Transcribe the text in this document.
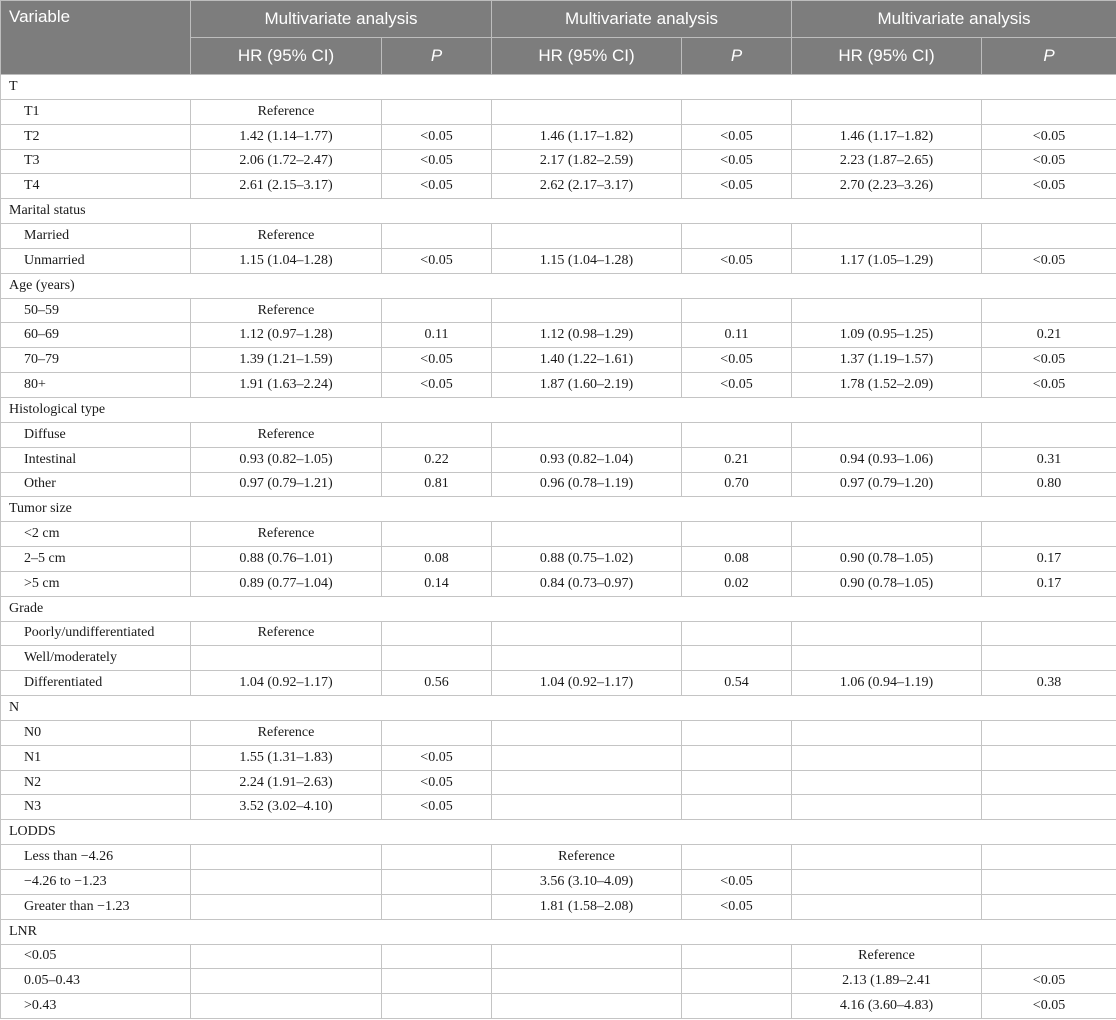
Variable	Multivariate analysis		Multivariate analysis		Multivariate analysis	
	HR (95% CI)	P	HR (95% CI)	P	HR (95% CI)	P
T						
T1	Reference					
T2	1.42 (1.14–1.77)	<0.05	1.46 (1.17–1.82)	<0.05	1.46 (1.17–1.82)	<0.05
T3	2.06 (1.72–2.47)	<0.05	2.17 (1.82–2.59)	<0.05	2.23 (1.87–2.65)	<0.05
T4	2.61 (2.15–3.17)	<0.05	2.62 (2.17–3.17)	<0.05	2.70 (2.23–3.26)	<0.05
Marital status						
Married	Reference					
Unmarried	1.15 (1.04–1.28)	<0.05	1.15 (1.04–1.28)	<0.05	1.17 (1.05–1.29)	<0.05
Age (years)						
50–59	Reference					
60–69	1.12 (0.97–1.28)	0.11	1.12 (0.98–1.29)	0.11	1.09 (0.95–1.25)	0.21
70–79	1.39 (1.21–1.59)	<0.05	1.40 (1.22–1.61)	<0.05	1.37 (1.19–1.57)	<0.05
80+	1.91 (1.63–2.24)	<0.05	1.87 (1.60–2.19)	<0.05	1.78 (1.52–2.09)	<0.05
Histological type						
Diffuse	Reference					
Intestinal	0.93 (0.82–1.05)	0.22	0.93 (0.82–1.04)	0.21	0.94 (0.93–1.06)	0.31
Other	0.97 (0.79–1.21)	0.81	0.96 (0.78–1.19)	0.70	0.97 (0.79–1.20)	0.80
Tumor size						
<2 cm	Reference					
2–5 cm	0.88 (0.76–1.01)	0.08	0.88 (0.75–1.02)	0.08	0.90 (0.78–1.05)	0.17
>5 cm	0.89 (0.77–1.04)	0.14	0.84 (0.73–0.97)	0.02	0.90 (0.78–1.05)	0.17
Grade						
Poorly/undifferentiated	Reference					
Well/moderately						
Differentiated	1.04 (0.92–1.17)	0.56	1.04 (0.92–1.17)	0.54	1.06 (0.94–1.19)	0.38
N						
N0	Reference					
N1	1.55 (1.31–1.83)	<0.05				
N2	2.24 (1.91–2.63)	<0.05				
N3	3.52 (3.02–4.10)	<0.05				
LODDS						
Less than −4.26			Reference			
−4.26 to −1.23			3.56 (3.10–4.09)	<0.05		
Greater than −1.23			1.81 (1.58–2.08)	<0.05		
LNR						
<0.05					Reference	
0.05–0.43					2.13 (1.89–2.41	<0.05
>0.43					4.16 (3.60–4.83)	<0.05
